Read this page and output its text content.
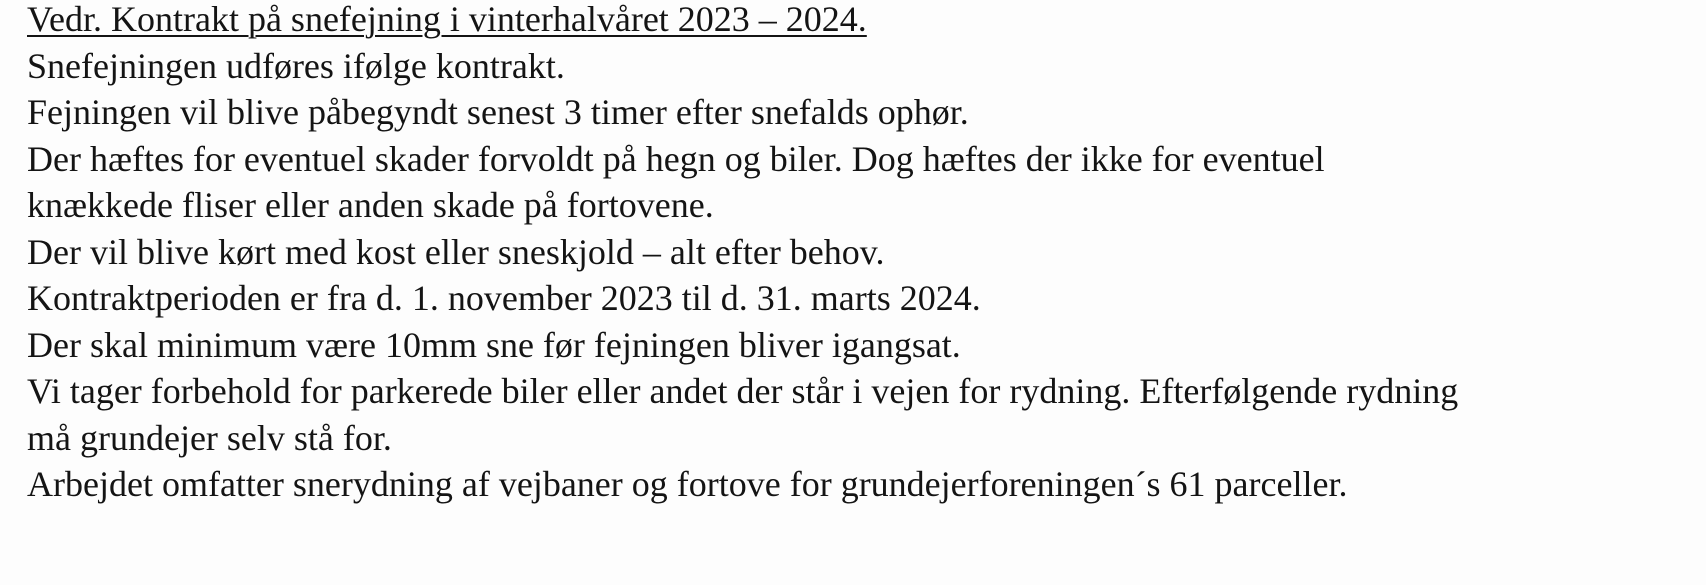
Vedr. Kontrakt på snefejning i vinterhalvåret 2023 – 2024.
Snefejningen udføres ifølge kontrakt.
Fejningen vil blive påbegyndt senest 3 timer efter snefalds ophør.
Der hæftes for eventuel skader forvoldt på hegn og biler. Dog hæftes der ikke for eventuel
knækkede fliser eller anden skade på fortovene.
Der vil blive kørt med kost eller sneskjold – alt efter behov.
Kontraktperioden er fra d. 1. november 2023 til d. 31. marts 2024.
Der skal minimum være 10mm sne før fejningen bliver igangsat.
Vi tager forbehold for parkerede biler eller andet der står i vejen for rydning. Efterfølgende rydning
må grundejer selv stå for.
Arbejdet omfatter snerydning af vejbaner og fortove for grundejerforeningen´s 61 parceller.
